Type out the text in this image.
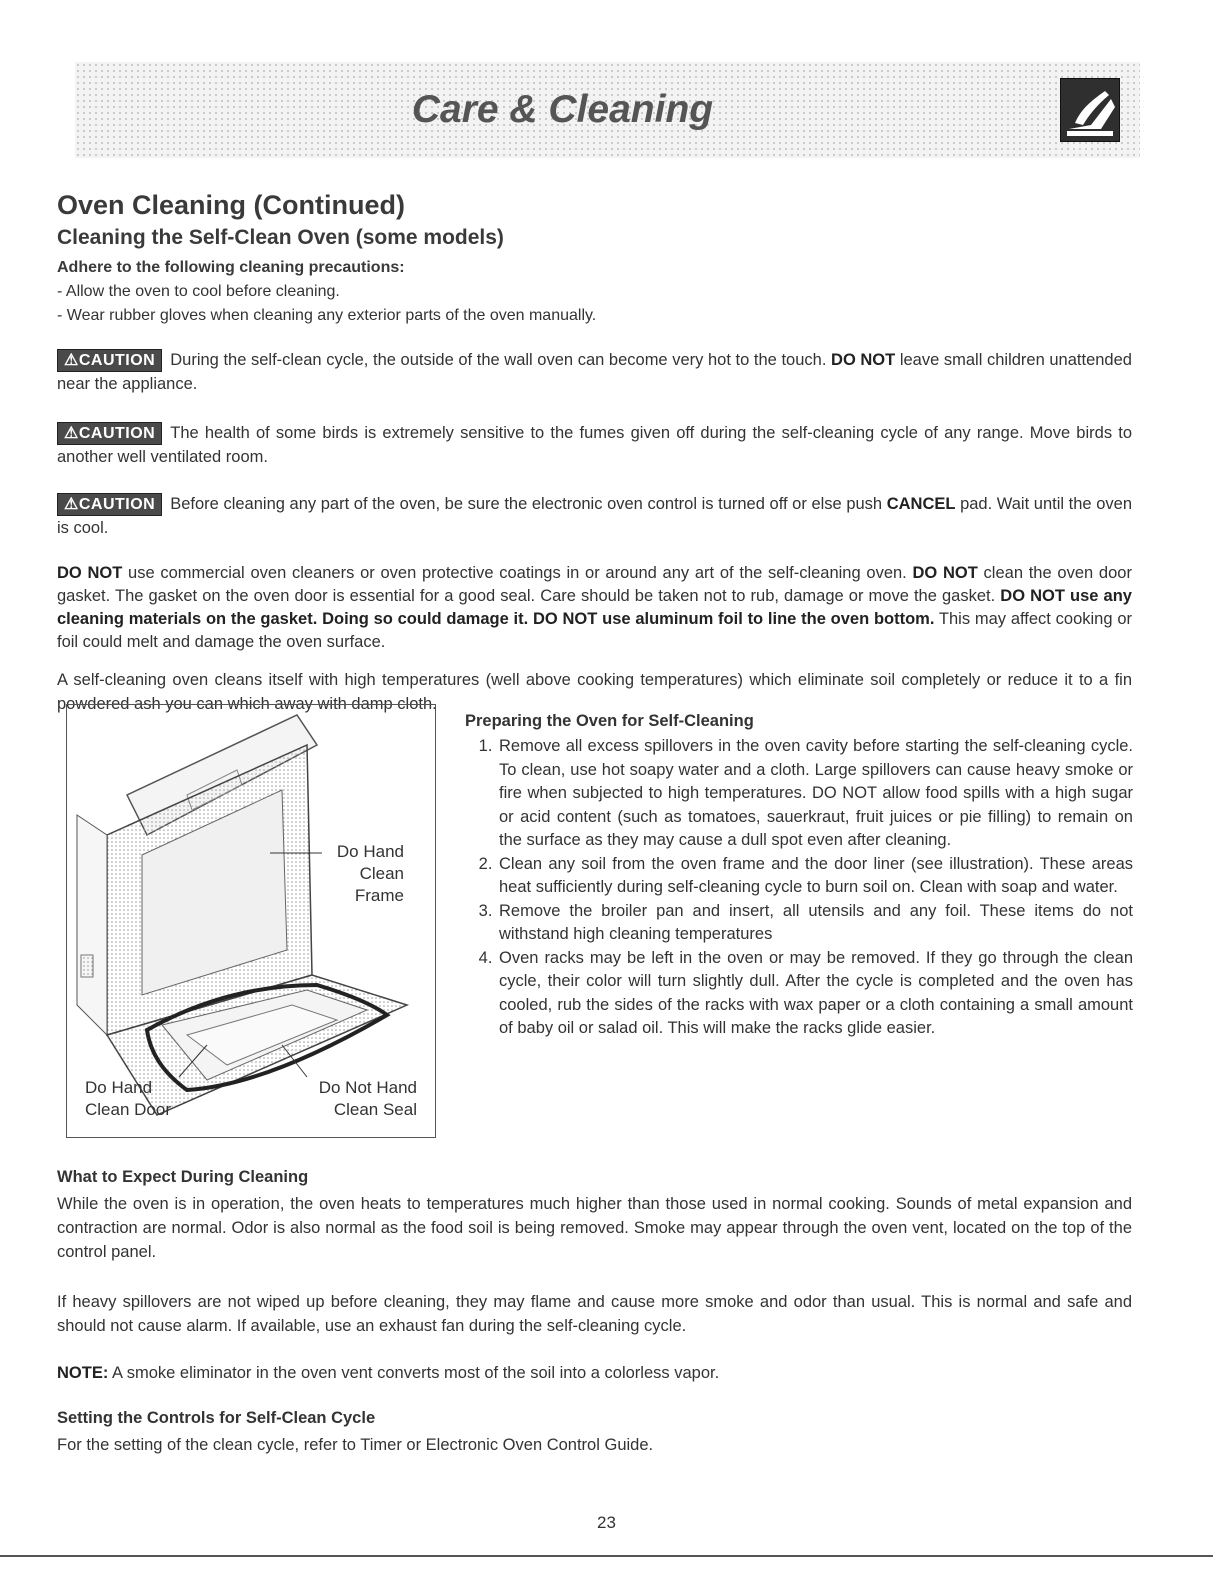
Care & Cleaning
Oven Cleaning (Continued)
Cleaning the Self-Clean Oven (some models)
Adhere to the following cleaning precautions:
- Allow the oven to cool before cleaning.
- Wear rubber gloves when cleaning any exterior parts of the oven manually.

⚠CAUTION During the self-clean cycle, the outside of the wall oven can become very hot to the touch. DO NOT leave small children unattended near the appliance.

⚠CAUTION The health of some birds is extremely sensitive to the fumes given off during the self-cleaning cycle of any range. Move birds to another well ventilated room.

⚠CAUTION Before cleaning any part of the oven, be sure the electronic oven control is turned off or else push CANCEL pad. Wait until the oven is cool.

DO NOT use commercial oven cleaners or oven protective coatings in or around any art of the self-cleaning oven. DO NOT clean the oven door gasket. The gasket on the oven door is essential for a good seal. Care should be taken not to rub, damage or move the gasket. DO NOT use any cleaning materials on the gasket. Doing so could damage it. DO NOT use aluminum foil to line the oven bottom. This may affect cooking or foil could melt and damage the oven surface.

A self-cleaning oven cleans itself with high temperatures (well above cooking temperatures) which eliminate soil completely or reduce it to a fin powdered ash you can which away with damp cloth.

Do Hand
Clean
Frame
Do Hand
Clean Door
Do Not Hand
Clean Seal
Preparing the Oven for Self-Cleaning
1. Remove all excess spillovers in the oven cavity before starting the self-cleaning cycle. To clean, use hot soapy water and a cloth. Large spillovers can cause heavy smoke or fire when subjected to high temperatures. DO NOT allow food spills with a high sugar or acid content (such as tomatoes, sauerkraut, fruit juices or pie filling) to remain on the surface as they may cause a dull spot even after cleaning.
2. Clean any soil from the oven frame and the door liner (see illustration). These areas heat sufficiently during self-cleaning cycle to burn soil on. Clean with soap and water.
3. Remove the broiler pan and insert, all utensils and any foil. These items do not withstand high cleaning temperatures
4. Oven racks may be left in the oven or may be removed. If they go through the clean cycle, their color will turn slightly dull. After the cycle is completed and the oven has cooled, rub the sides of the racks with wax paper or a cloth containing a small amount of baby oil or salad oil. This will make the racks glide easier.
What to Expect During Cleaning

While the oven is in operation, the oven heats to temperatures much higher than those used in normal cooking. Sounds of metal expansion and contraction are normal. Odor is also normal as the food soil is being removed. Smoke may appear through the oven vent, located on the top of the control panel.

If heavy spillovers are not wiped up before cleaning, they may flame and cause more smoke and odor than usual. This is normal and safe and should not cause alarm. If available, use an exhaust fan during the self-cleaning cycle.

NOTE: A smoke eliminator in the oven vent converts most of the soil into a colorless vapor.

Setting the Controls for Self-Clean Cycle

For the setting of the clean cycle, refer to Timer or Electronic Oven Control Guide.

23
